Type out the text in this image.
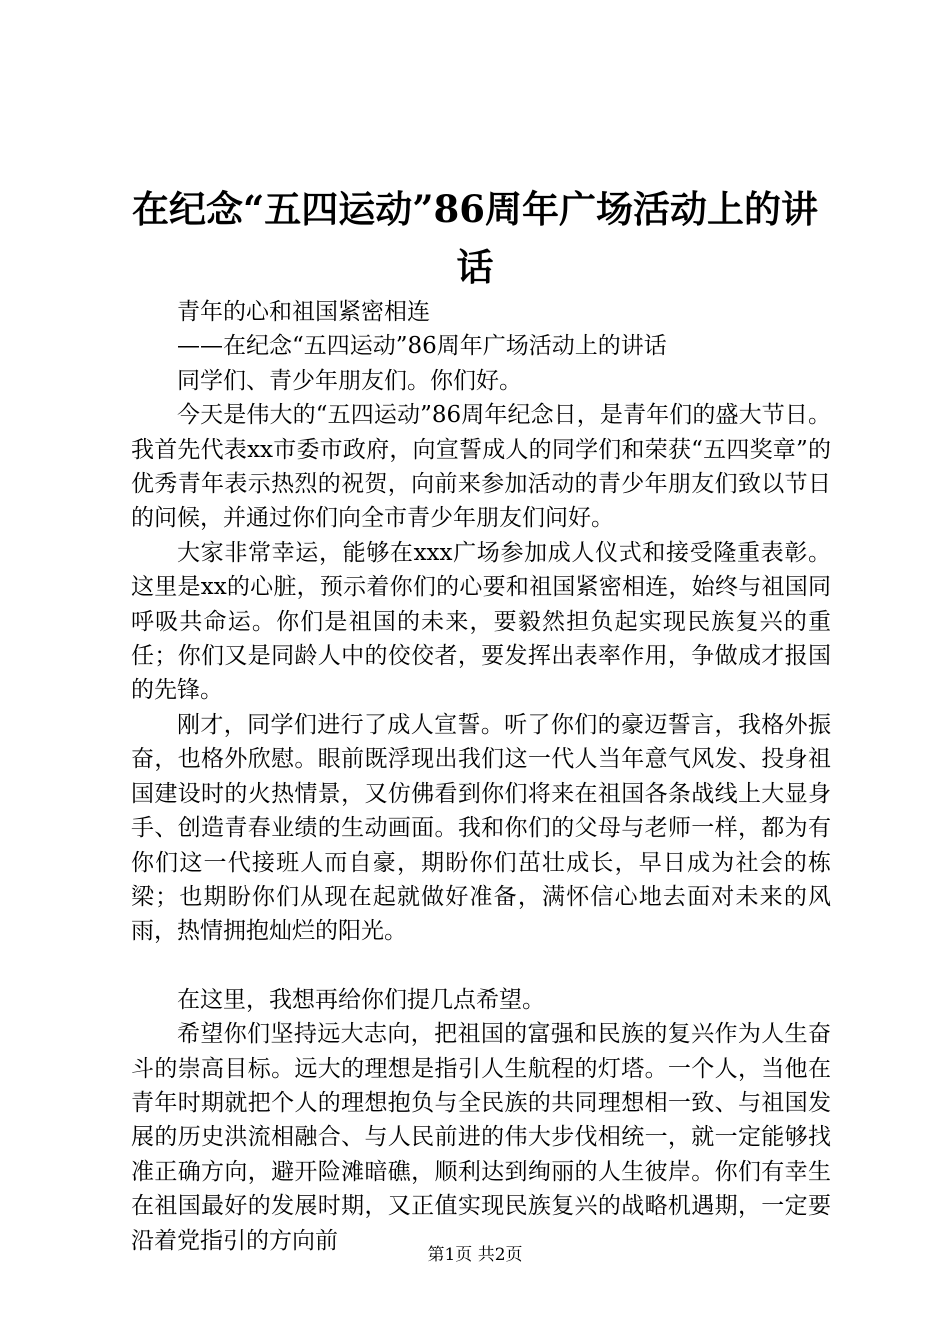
在纪念“五四运动”86周年广场活动上的讲话

青年的心和祖国紧密相连

——在纪念“五四运动”86周年广场活动上的讲话

同学们、青少年朋友们。你们好。

今天是伟大的“五四运动”86周年纪念日，是青年们的盛大节日。我首先代表xx市委市政府，向宣誓成人的同学们和荣获“五四奖章”的优秀青年表示热烈的祝贺，向前来参加活动的青少年朋友们致以节日的问候，并通过你们向全市青少年朋友们问好。

大家非常幸运，能够在xxx广场参加成人仪式和接受隆重表彰。这里是xx的心脏，预示着你们的心要和祖国紧密相连，始终与祖国同呼吸共命运。你们是祖国的未来，要毅然担负起实现民族复兴的重任；你们又是同龄人中的佼佼者，要发挥出表率作用，争做成才报国的先锋。

刚才，同学们进行了成人宣誓。听了你们的豪迈誓言，我格外振奋，也格外欣慰。眼前既浮现出我们这一代人当年意气风发、投身祖国建设时的火热情景，又仿佛看到你们将来在祖国各条战线上大显身手、创造青春业绩的生动画面。我和你们的父母与老师一样，都为有你们这一代接班人而自豪，期盼你们茁壮成长，早日成为社会的栋梁；也期盼你们从现在起就做好准备，满怀信心地去面对未来的风雨，热情拥抱灿烂的阳光。

在这里，我想再给你们提几点希望。

希望你们坚持远大志向，把祖国的富强和民族的复兴作为人生奋斗的崇高目标。远大的理想是指引人生航程的灯塔。一个人，当他在青年时期就把个人的理想抱负与全民族的共同理想相一致、与祖国发展的历史洪流相融合、与人民前进的伟大步伐相统一，就一定能够找准正确方向，避开险滩暗礁，顺利达到绚丽的人生彼岸。你们有幸生在祖国最好的发展时期，又正值实现民族复兴的战略机遇期，一定要沿着党指引的方向前

第1页 共2页
